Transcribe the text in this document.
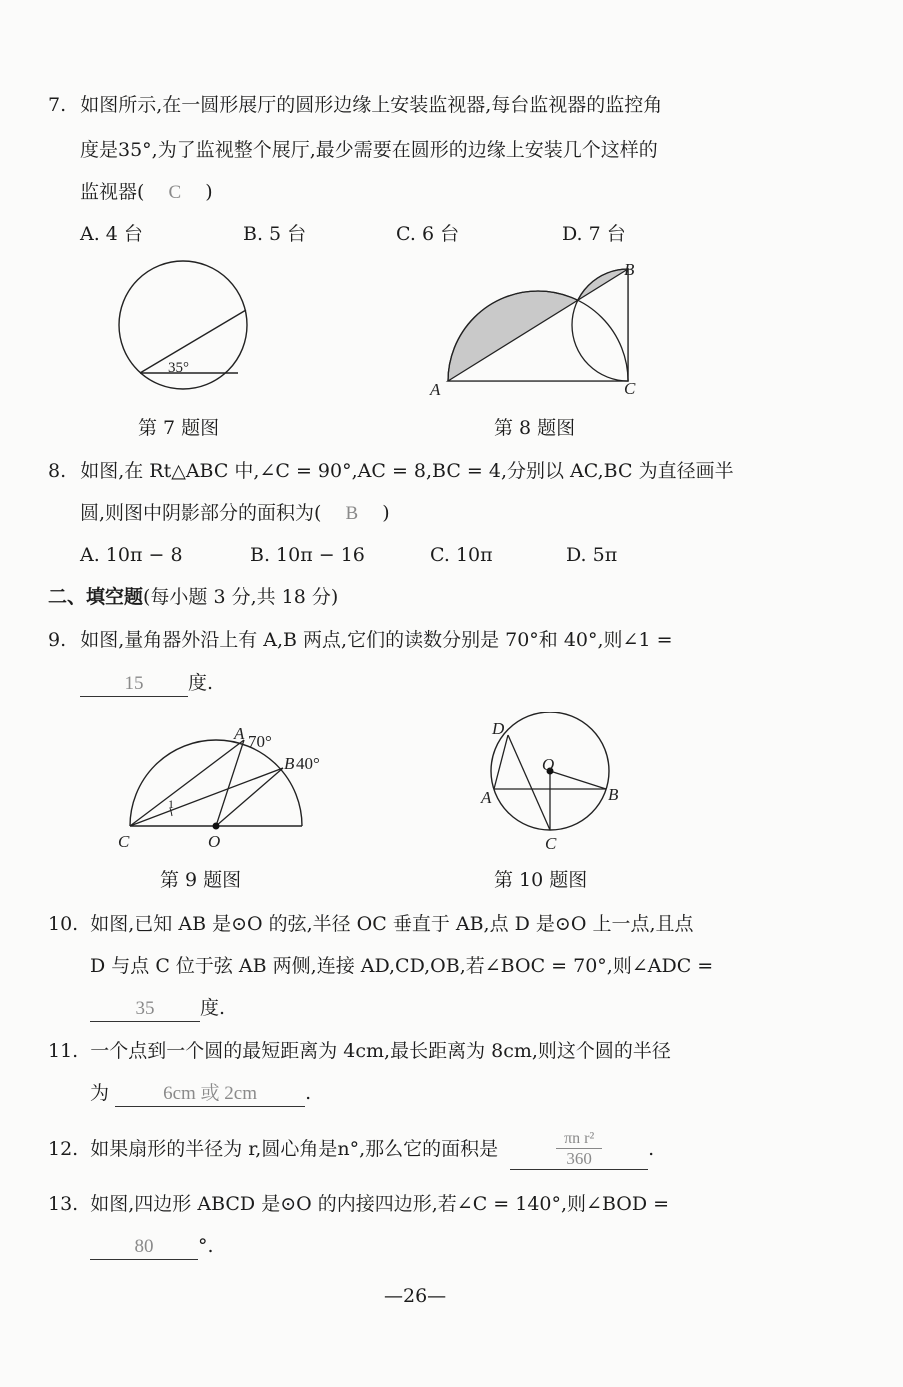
7. 如图所示,在一圆形展厅的圆形边缘上安装监视器,每台监视器的监控角
度是35°,为了监视整个展厅,最少需要在圆形的边缘上安装几个这样的
监视器( C )
A. 4 台	B. 5 台	C. 6 台	D. 7 台
35°
第 7 题图
A
B
C
第 8 题图
8. 如图,在 Rt△ABC 中,∠C = 90°,AC = 8,BC = 4,分别以 AC,BC 为直径画半
圆,则图中阴影部分的面积为( B )
A. 10π − 8	B. 10π − 16	C. 10π	D. 5π
二、填空题(每小题 3 分,共 18 分)
9. 如图,量角器外沿上有 A,B 两点,它们的读数分别是 70°和 40°,则∠1 =
15 度.
1
A 70°
B 40°
C	O
第 9 题图
D
O
A	B
C
第 10 题图
10. 如图,已知 AB 是⊙O 的弦,半径 OC 垂直于 AB,点 D 是⊙O 上一点,且点
D 与点 C 位于弦 AB 两侧,连接 AD,CD,OB,若∠BOC = 70°,则∠ADC =
35 度.
11. 一个点到一个圆的最短距离为 4cm,最长距离为 8cm,则这个圆的半径
为	6cm 或 2cm	.
12. 如果扇形的半径为 r,圆心角是n°,那么它的面积是 $\frac{\text{πn r²}}{360}$ .
13. 如图,四边形 ABCD 是⊙O 的内接四边形,若∠C = 140°,则∠BOD =
80 °.
—26—
